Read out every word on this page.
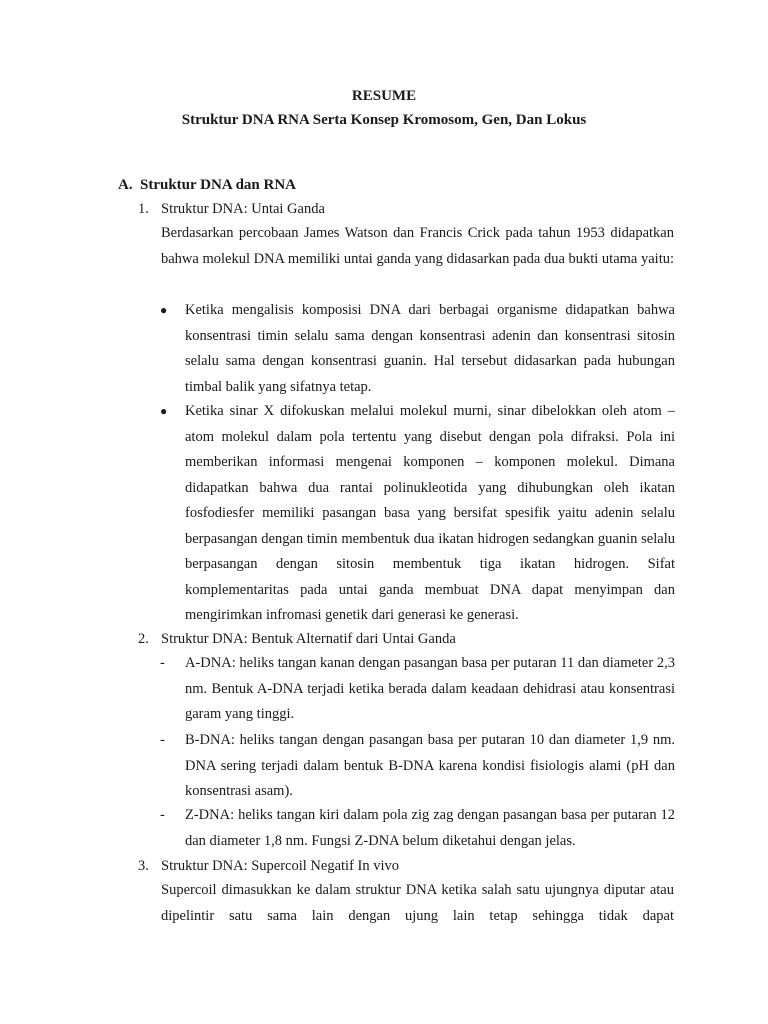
RESUME
Struktur DNA RNA Serta Konsep Kromosom, Gen, Dan Lokus
A. Struktur DNA dan RNA
1. Struktur DNA: Untai Ganda
Berdasarkan percobaan James Watson dan Francis Crick pada tahun 1953 didapatkan bahwa molekul DNA memiliki untai ganda yang didasarkan pada dua bukti utama yaitu:
● Ketika mengalisis komposisi DNA dari berbagai organisme didapatkan bahwa konsentrasi timin selalu sama dengan konsentrasi adenin dan konsentrasi sitosin selalu sama dengan konsentrasi guanin. Hal tersebut didasarkan pada hubungan timbal balik yang sifatnya tetap.
● Ketika sinar X difokuskan melalui molekul murni, sinar dibelokkan oleh atom – atom molekul dalam pola tertentu yang disebut dengan pola difraksi. Pola ini memberikan informasi mengenai komponen – komponen molekul. Dimana didapatkan bahwa dua rantai polinukleotida yang dihubungkan oleh ikatan fosfodiesfer memiliki pasangan basa yang bersifat spesifik yaitu adenin selalu berpasangan dengan timin membentuk dua ikatan hidrogen sedangkan guanin selalu berpasangan dengan sitosin membentuk tiga ikatan hidrogen. Sifat komplementaritas pada untai ganda membuat DNA dapat menyimpan dan mengirimkan infromasi genetik dari generasi ke generasi.
2. Struktur DNA: Bentuk Alternatif dari Untai Ganda
- A-DNA: heliks tangan kanan dengan pasangan basa per putaran 11 dan diameter 2,3 nm. Bentuk A-DNA terjadi ketika berada dalam keadaan dehidrasi atau konsentrasi garam yang tinggi.
- B-DNA: heliks tangan dengan pasangan basa per putaran 10 dan diameter 1,9 nm. DNA sering terjadi dalam bentuk B-DNA karena kondisi fisiologis alami (pH dan konsentrasi asam).
- Z-DNA: heliks tangan kiri dalam pola zig zag dengan pasangan basa per putaran 12 dan diameter 1,8 nm. Fungsi Z-DNA belum diketahui dengan jelas.
3. Struktur DNA: Supercoil Negatif In vivo
Supercoil dimasukkan ke dalam struktur DNA ketika salah satu ujungnya diputar atau dipelintir satu sama lain dengan ujung lain tetap sehingga tidak dapat
